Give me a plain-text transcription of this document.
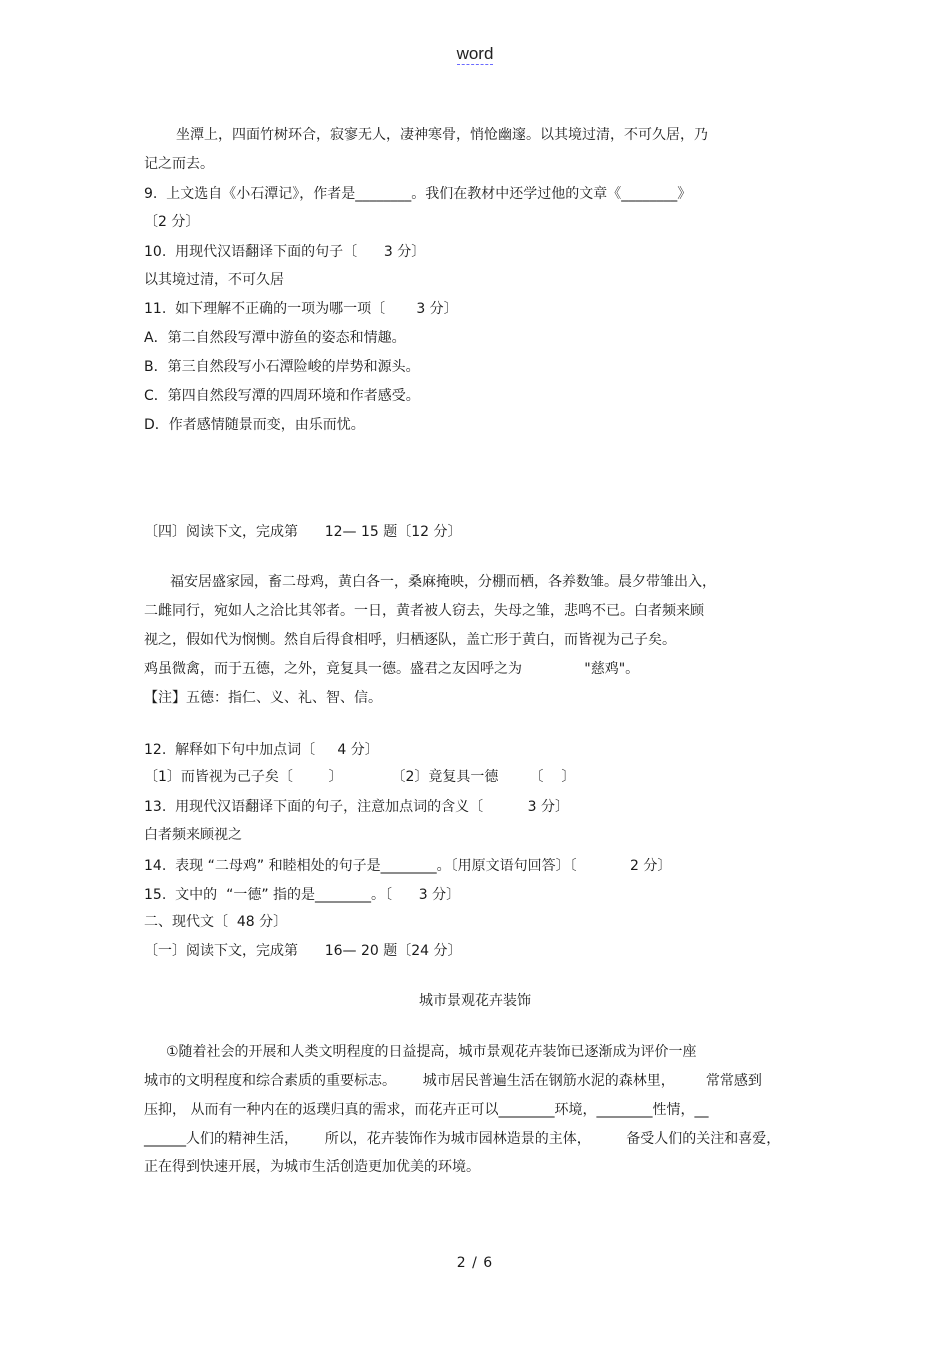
word
坐潭上，四面竹树环合，寂寥无人，凄神寒骨，悄怆幽邃。以其境过清，不可久居，乃
记之而去。
9.  上文选自《小石潭记》，作者是________。我们在教材中还学过他的文章《________》
〔2 分〕
10.  用现代汉语翻译下面的句子〔      3 分〕
以其境过清，不可久居
11.  如下理解不正确的一项为哪一项〔       3 分〕
A．第二自然段写潭中游鱼的姿态和情趣。
B．第三自然段写小石潭险峻的岸势和源头。
C．第四自然段写潭的四周环境和作者感受。
D．作者感情随景而变，由乐而忧。
〔四〕阅读下文，完成第      12— 15 题〔12 分〕
福安居盛家园，畜二母鸡，黄白各一，桑麻掩映，分棚而栖，各养数雏。晨夕带雏出入，
二雌同行，宛如人之洽比其邻者。一日，黄者被人窃去，失母之雏，悲鸣不已。白者频来顾
视之，假如代为悯恻。然自后得食相呼，归栖逐队，盖亡形于黄白，而皆视为己子矣。
鸡虽微禽，而于五德，之外，竟复具一德。盛君之友因呼之为              "慈鸡"。
【注】五德：指仁、义、礼、智、信。
12.  解释如下句中加点词〔     4 分〕
〔1〕而皆视为己子矣〔        〕           〔2〕竟复具一德       〔    〕
13.  用现代汉语翻译下面的句子，注意加点词的含义〔          3 分〕
白者频来顾视之
14.  表现 “二母鸡” 和睦相处的句子是________。〔用原文语句回答〕〔            2 分〕
15.  文中的  “一德” 指的是________。〔      3 分〕
二、现代文〔  48 分〕
〔一〕阅读下文，完成第      16— 20 题〔24 分〕
城市景观花卉装饰
①随着社会的开展和人类文明程度的日益提高，城市景观花卉装饰已逐渐成为评价一座
城市的文明程度和综合素质的重要标志。      城市居民普遍生活在钢筋水泥的森林里，       常常感到
压抑， 从而有一种内在的返璞归真的需求，而花卉正可以________环境，________性情，__
______人们的精神生活，      所以，花卉装饰作为城市园林造景的主体，        备受人们的关注和喜爱，
正在得到快速开展，为城市生活创造更加优美的环境。
2 / 6
